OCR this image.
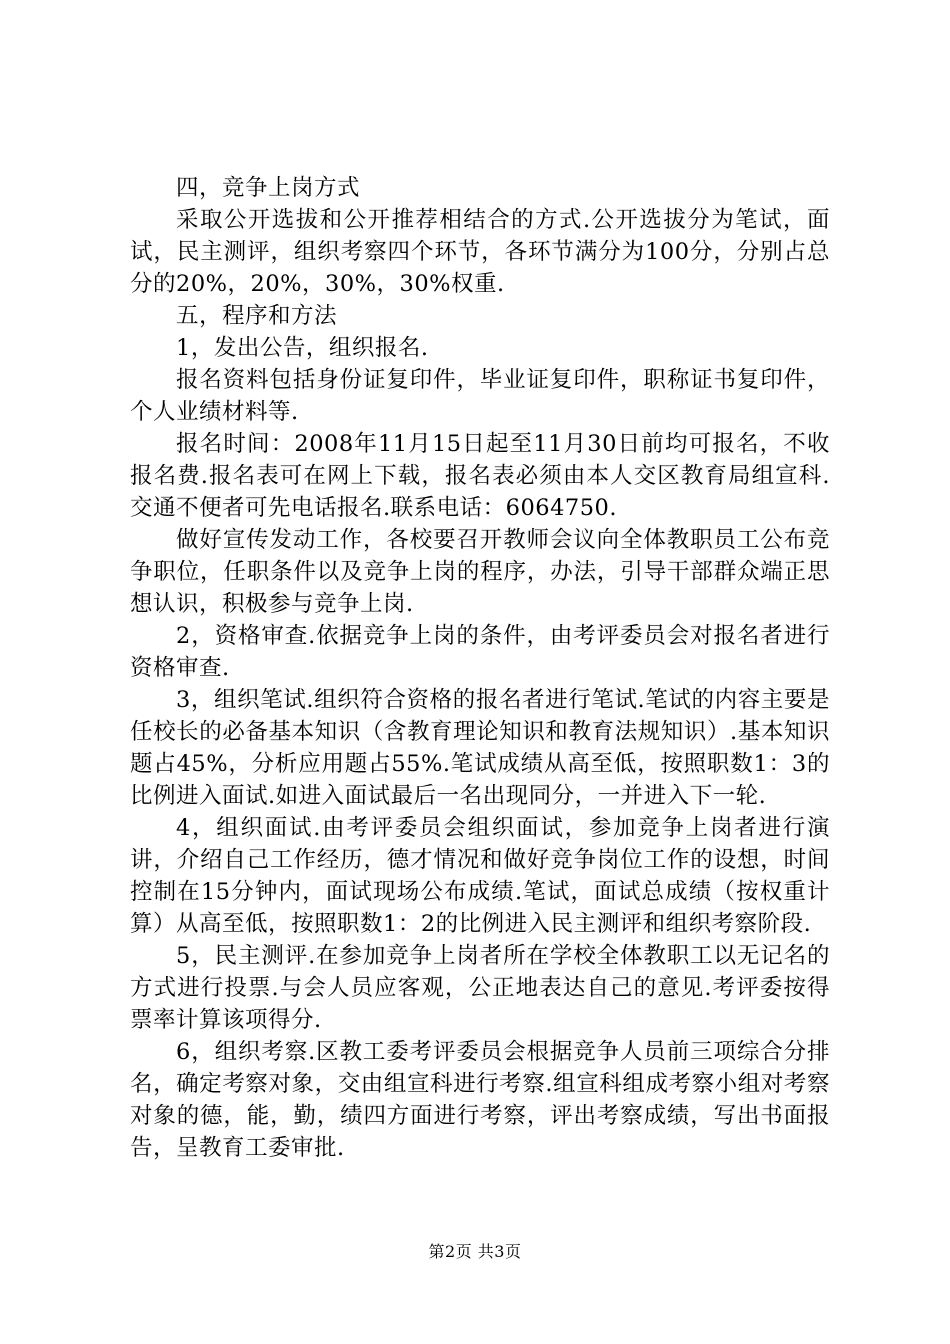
四，竞争上岗方式

采取公开选拔和公开推荐相结合的方式.公开选拔分为笔试，面试，民主测评，组织考察四个环节，各环节满分为100分，分别占总分的20%，20%，30%，30%权重.

五，程序和方法

1，发出公告，组织报名.

报名资料包括身份证复印件，毕业证复印件，职称证书复印件，个人业绩材料等.

报名时间：2008年11月15日起至11月30日前均可报名，不收报名费.报名表可在网上下载，报名表必须由本人交区教育局组宣科.交通不便者可先电话报名.联系电话：6064750.

做好宣传发动工作，各校要召开教师会议向全体教职员工公布竞争职位，任职条件以及竞争上岗的程序，办法，引导干部群众端正思想认识，积极参与竞争上岗.

2，资格审查.依据竞争上岗的条件，由考评委员会对报名者进行资格审查.

3，组织笔试.组织符合资格的报名者进行笔试.笔试的内容主要是任校长的必备基本知识（含教育理论知识和教育法规知识）.基本知识题占45%，分析应用题占55%.笔试成绩从高至低，按照职数1：3的比例进入面试.如进入面试最后一名出现同分，一并进入下一轮.

4，组织面试.由考评委员会组织面试，参加竞争上岗者进行演讲，介绍自己工作经历，德才情况和做好竞争岗位工作的设想，时间控制在15分钟内，面试现场公布成绩.笔试，面试总成绩（按权重计算）从高至低，按照职数1：2的比例进入民主测评和组织考察阶段.

5，民主测评.在参加竞争上岗者所在学校全体教职工以无记名的方式进行投票.与会人员应客观，公正地表达自己的意见.考评委按得票率计算该项得分.

6，组织考察.区教工委考评委员会根据竞争人员前三项综合分排名，确定考察对象，交由组宣科进行考察.组宣科组成考察小组对考察对象的德，能，勤，绩四方面进行考察，评出考察成绩，写出书面报告，呈教育工委审批.

第2页 共3页
